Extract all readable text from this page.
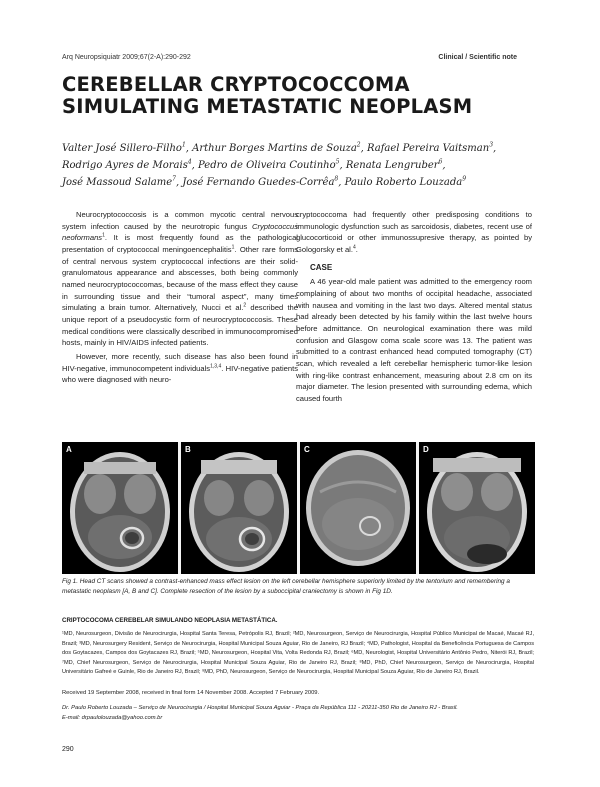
Arq Neuropsiquiatr 2009;67(2-A):290-292	Clinical / Scientific note
CEREBELLAR CRYPTOCOCCOMA
SIMULATING METASTATIC NEOPLASM
Valter José Sillero-Filho$^1$, Arthur Borges Martins de Souza$^2$, Rafael Pereira Vaitsman$^3$,
Rodrigo Ayres de Morais$^4$, Pedro de Oliveira Coutinho$^5$, Renata Lengruber$^6$,
José Massoud Salame$^7$, José Fernando Guedes-Corrêa$^8$, Paulo Roberto Louzada$^9$

Neurocryptococcosis is a common mycotic central nervous system infection caused by the neurotropic fungus Cryptococcus neoformans$^1$. It is most frequently found as the pathological presentation of cryptococcal meningoencephalitis$^1$. Other rare forms of central nervous system cryptococcal infections are their solid-granulomatous appearance and abscesses, both being commonly named neurocryptococcomas, because of the mass effect they cause in surrounding tissue and their “tumoral aspect”, many times simulating a brain tumor. Alternatively, Nucci et al.$^2$ described the unique report of a pseudocystic form of neurocryptococcosis. These medical conditions were classically described in immunocompromised hosts, mainly in HIV/AIDS infected patients.

However, more recently, such disease has also been found in HIV-negative, immunocompetent individuals$^{1,3,4}$. HIV-negative patients who were diagnosed with neuro-

cryptococcoma had frequently other predisposing conditions to immunologic dysfunction such as sarcoidosis, diabetes, recent use of glucocorticoid or other immunossupresive therapy, as pointed by Gologorsky et al.$^4$.

CASE

A 46 year-old male patient was admitted to the emergency room complaining of about two months of occipital headache, associated with nausea and vomiting in the last two days. Altered mental status had already been detected by his family within the last twelve hours before admittance. On neurological examination there was mild confusion and Glasgow coma scale score was 13. The patient was submitted to a contrast enhanced head computed tomography (CT) scan, which revealed a left cerebellar hemispheric tumor-like lesion with ring-like contrast enhancement, measuring about 2.8 cm on its major diameter. The lesion presented with surrounding edema, which caused fourth

A	B	C	D
Fig 1. Head CT scans showed a contrast-enhanced mass effect lesion on the left cerebellar hemisphere superiorly limited by the tentorium and remembering a metastatic neoplasm [A, B and C]. Complete resection of the lesion by a suboccipital craniectomy is shown in Fig 1D.
CRIPTOCOCOMA CEREBELAR SIMULANDO NEOPLASIA METASTÁTICA.
¹MD, Neurosurgeon, Divisão de Neurocirurgia, Hospital Santa Teresa, Petrópolis RJ, Brazil; ²MD, Neurosurgeon, Serviço de Neurocirurgia, Hospital Público Municipal de Macaé, Macaé RJ, Brazil; ³MD, Neurosurgery Resident, Serviço de Neurocirurgia, Hospital Municipal Souza Aguiar, Rio de Janeiro, RJ Brazil; ⁴MD, Pathologist, Hospital da Beneficência Portuguesa de Campos dos Goytacazes, Campos dos Goytacazes RJ, Brazil; ⁵MD, Neurosurgeon, Hospital Vita, Volta Redonda RJ, Brazil; ⁶MD, Neurologist, Hospital Universitário Antônio Pedro, Niterói RJ, Brazil; ⁷MD, Chief Neurosurgeon, Serviço de Neurocirurgia, Hospital Municipal Souza Aguiar, Rio de Janeiro RJ, Brazil; ⁸MD, PhD, Chief Neurosurgeon, Serviço de Neurocirurgia, Hospital Universitário Gafreé e Guinle, Rio de Janeiro RJ, Brazil; ⁹MD, PhD, Neurosurgeon, Serviço de Neurocirurgia, Hospital Municipal Souza Aguiar, Rio de Janeiro RJ, Brazil.
Received 19 September 2008, received in final form 14 November 2008. Accepted 7 February 2009.
Dr. Paulo Roberto Louzada – Serviço de Neurocirurgia / Hospital Municipal Souza Aguiar - Praça da República 111 - 20211-350 Rio de Janeiro RJ - Brasil.
E-mail: drpaulolouzada@yahoo.com.br
290
